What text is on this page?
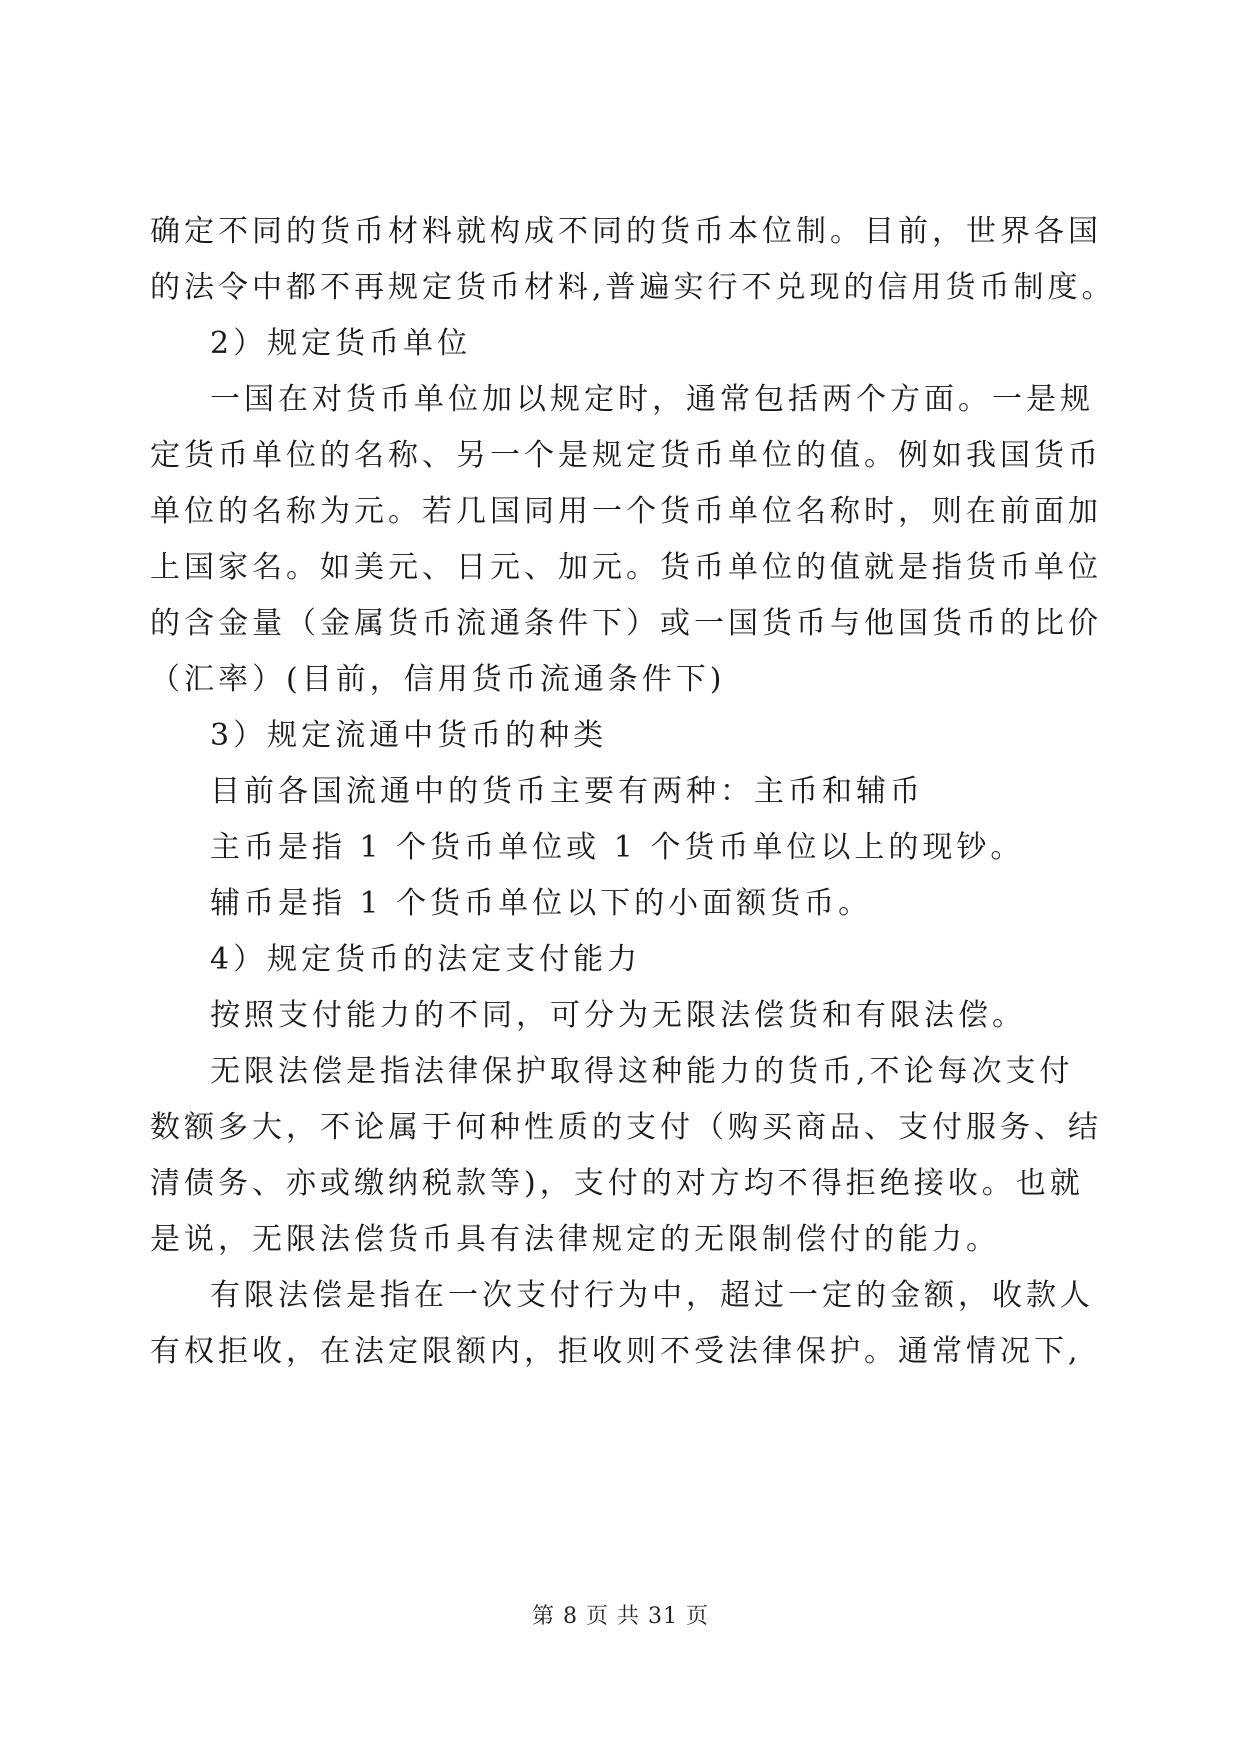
确定不同的货币材料就构成不同的货币本位制。目前，世界各国
的法令中都不再规定货币材料,普遍实行不兑现的信用货币制度。
2）规定货币单位
一国在对货币单位加以规定时，通常包括两个方面。一是规
定货币单位的名称、另一个是规定货币单位的值。例如我国货币
单位的名称为元。若几国同用一个货币单位名称时，则在前面加
上国家名。如美元、日元、加元。货币单位的值就是指货币单位
的含金量（金属货币流通条件下）或一国货币与他国货币的比价
（汇率）(目前，信用货币流通条件下)
3）规定流通中货币的种类
目前各国流通中的货币主要有两种：主币和辅币
主币是指 1 个货币单位或 1 个货币单位以上的现钞。
辅币是指 1 个货币单位以下的小面额货币。
4）规定货币的法定支付能力
按照支付能力的不同，可分为无限法偿货和有限法偿。
无限法偿是指法律保护取得这种能力的货币,不论每次支付
数额多大，不论属于何种性质的支付（购买商品、支付服务、结
清债务、亦或缴纳税款等)，支付的对方均不得拒绝接收。也就
是说，无限法偿货币具有法律规定的无限制偿付的能力。
有限法偿是指在一次支付行为中，超过一定的金额，收款人
有权拒收，在法定限额内，拒收则不受法律保护。通常情况下,
第 8 页 共 31 页
